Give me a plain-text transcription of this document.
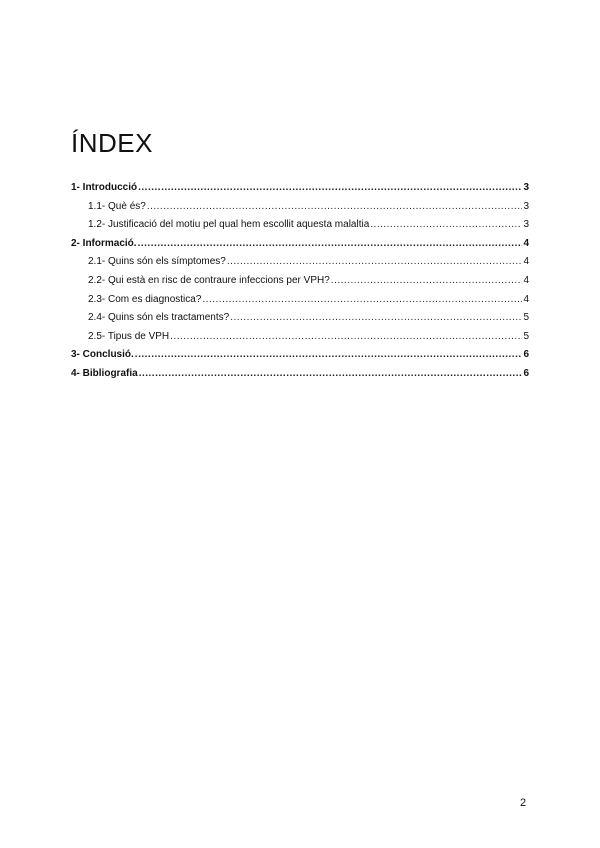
ÍNDEX
1- Introducció .....	3
1.1- Què és? .....	3
1.2- Justificació del motiu pel qual hem escollit aquesta malaltia .....	3
2- Informació. .....	4
2.1- Quins són els símptomes? .....	4
2.2- Qui està en risc de contraure infeccions per VPH? .....	4
2.3- Com es diagnostica? .....	4
2.4- Quins són els tractaments? .....	5
2.5- Tipus de VPH .....	5
3- Conclusió. .....	6
4- Bibliografia .....	6
2
